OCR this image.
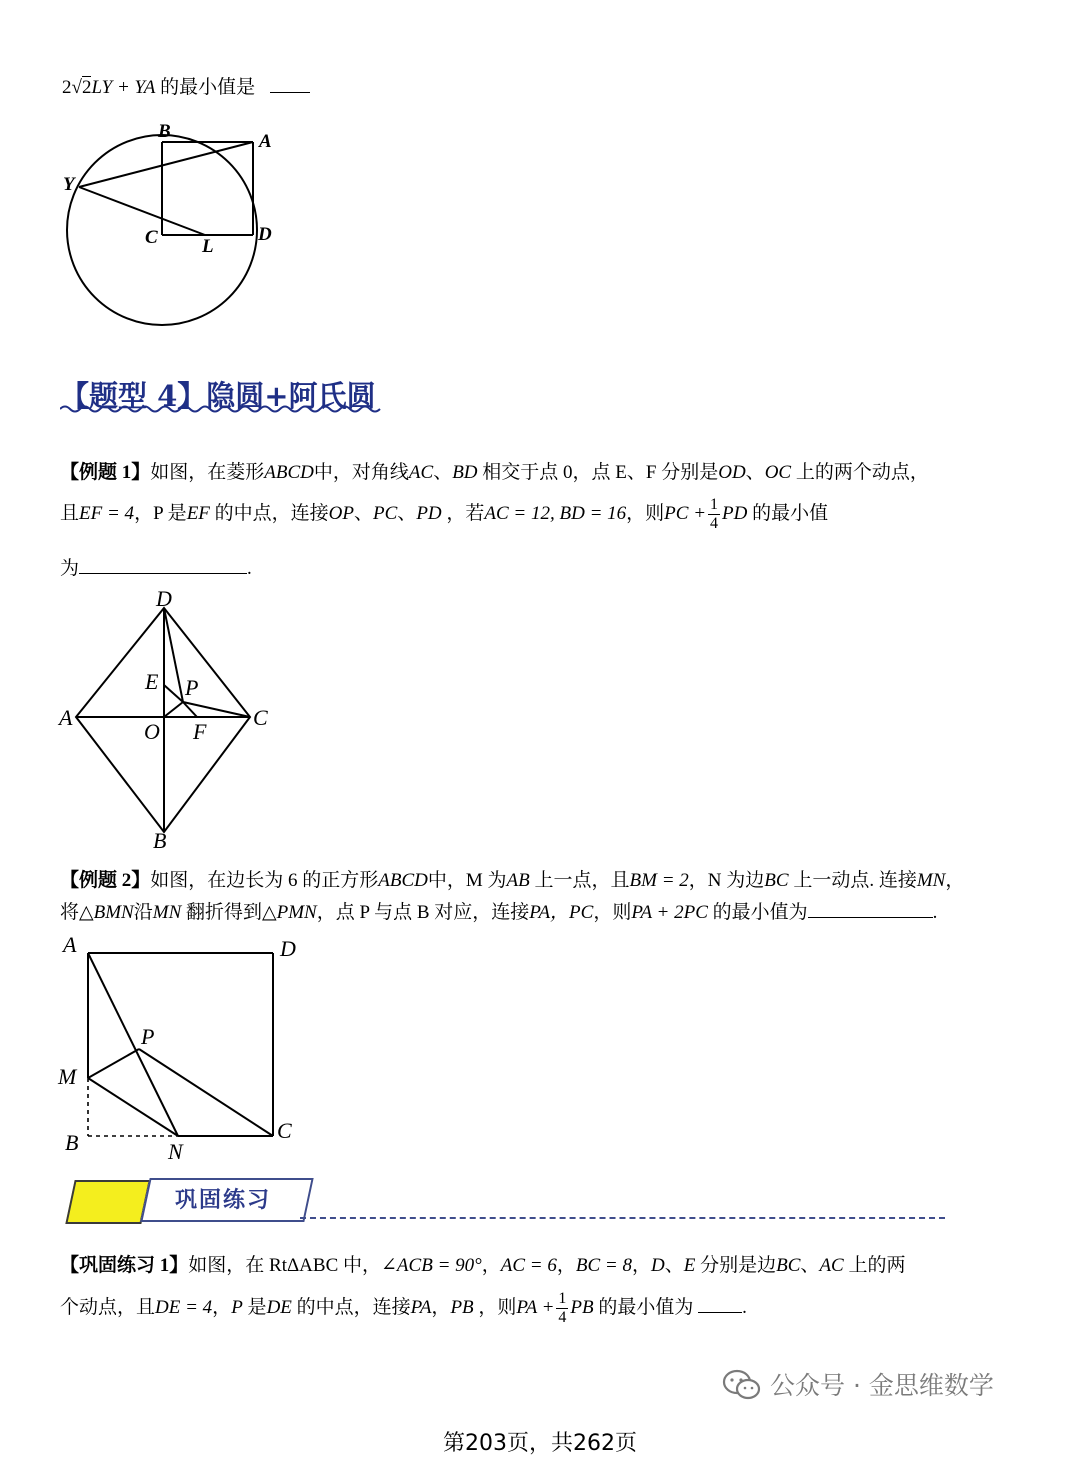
2√2LY + YA 的最小值是
B	A
Y
C L
D
【题型 4】隐圆+阿氏圆
【例题 1】如图，在菱形ABCD中，对角线AC、BD 相交于点 0，点 E、F 分别是OD、OC 上的两个动点，
且EF = 4，P 是EF 的中点，连接OP、PC、PD ，若AC = 12, BD = 16，则PC + $\frac{1}{4}$ PD 的最小值
为	.
D
A	C
B
E P
O F
【例题 2】如图，在边长为 6 的正方形ABCD中，M 为AB 上一点，且BM = 2，N 为边BC 上一动点. 连接MN，
将△BMN沿MN 翻折得到△PMN，点 P 与点 B 对应，连接PA，PC，则PA + 2PC 的最小值为	.
A	D
P
M
C
B	N
巩固练习
【巩固练习 1】如图，在 RtΔABC 中，∠ACB = 90°，AC = 6，BC = 8，D、E 分别是边BC、AC 上的两
个动点，且DE = 4，P 是DE 的中点，连接PA，PB ，则PA + $\frac{1}{4}$ PB 的最小值为	.
公众号 · 金思维数学
第203页，共262页
